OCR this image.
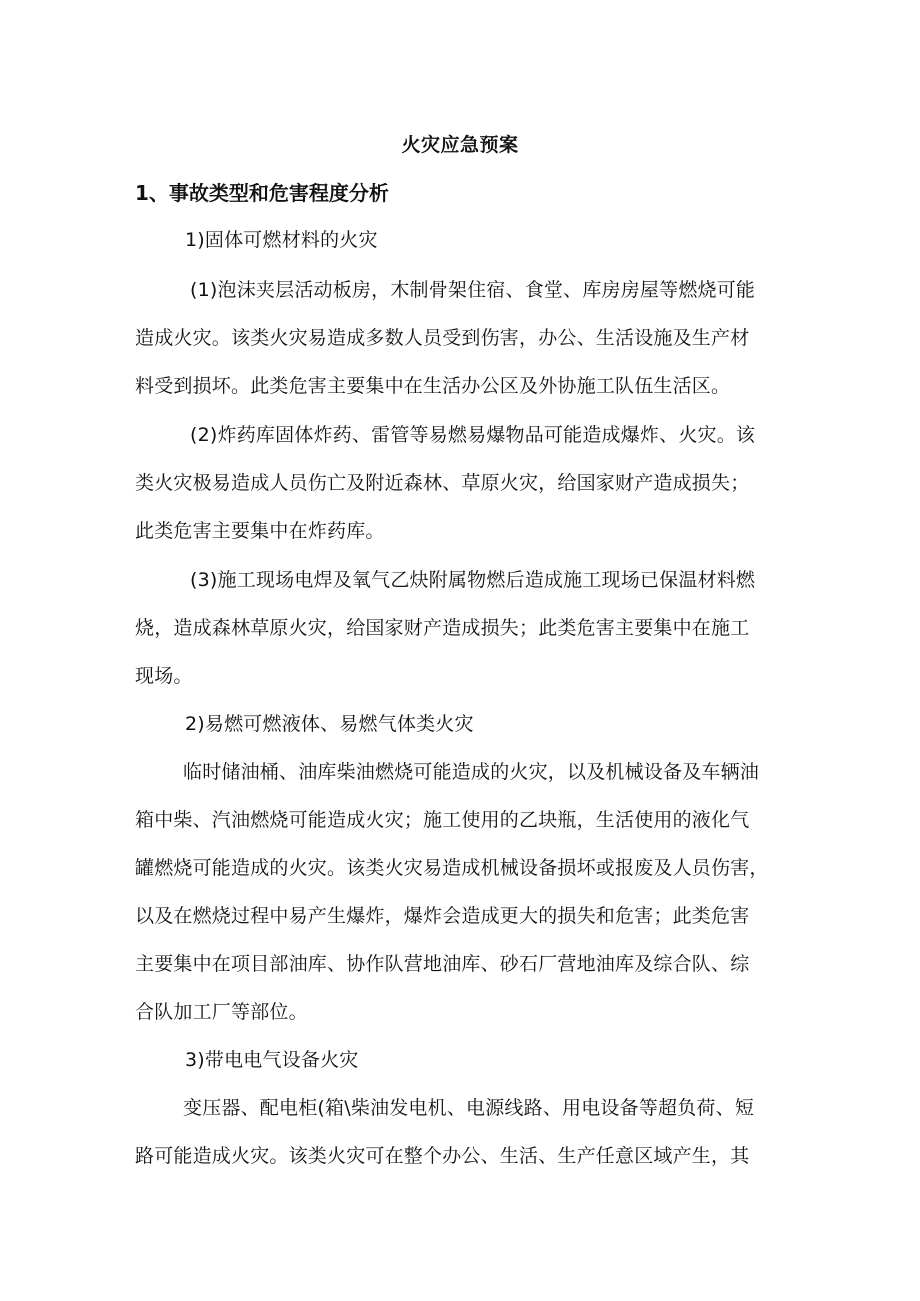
火灾应急预案
1、事故类型和危害程度分析
1)固体可燃材料的火灾
(1)泡沫夹层活动板房，木制骨架住宿、食堂、库房房屋等燃烧可能
造成火灾。该类火灾易造成多数人员受到伤害，办公、生活设施及生产材
料受到损坏。此类危害主要集中在生活办公区及外协施工队伍生活区。
(2)炸药库固体炸药、雷管等易燃易爆物品可能造成爆炸、火灾。该
类火灾极易造成人员伤亡及附近森林、草原火灾，给国家财产造成损失；
此类危害主要集中在炸药库。
(3)施工现场电焊及氧气乙炔附属物燃后造成施工现场已保温材料燃
烧，造成森林草原火灾，给国家财产造成损失；此类危害主要集中在施工
现场。
2)易燃可燃液体、易燃气体类火灾
临时储油桶、油库柴油燃烧可能造成的火灾，以及机械设备及车辆油
箱中柴、汽油燃烧可能造成火灾；施工使用的乙块瓶，生活使用的液化气
罐燃烧可能造成的火灾。该类火灾易造成机械设备损坏或报废及人员伤害，
以及在燃烧过程中易产生爆炸，爆炸会造成更大的损失和危害；此类危害
主要集中在项目部油库、协作队营地油库、砂石厂营地油库及综合队、综
合队加工厂等部位。
3)带电电气设备火灾
变压器、配电柜(箱\柴油发电机、电源线路、用电设备等超负荷、短
路可能造成火灾。该类火灾可在整个办公、生活、生产任意区域产生，其
